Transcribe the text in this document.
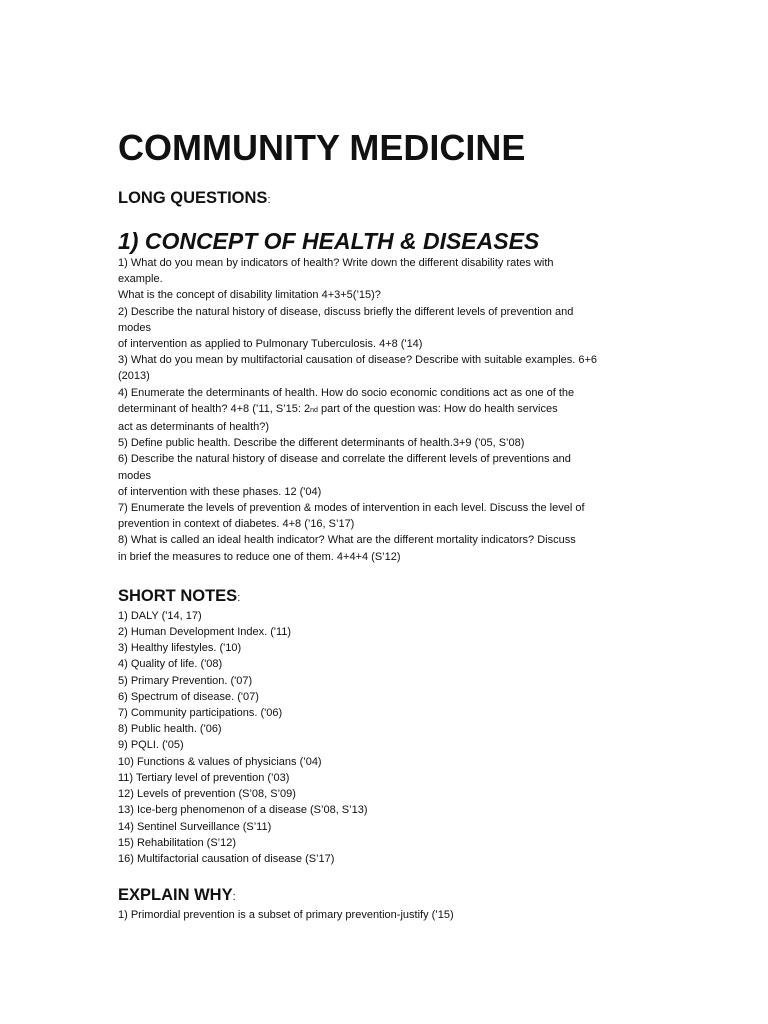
COMMUNITY MEDICINE
LONG QUESTIONS:
1) CONCEPT OF HEALTH & DISEASES
1) What do you mean by indicators of health? Write down the different disability rates with
example.
What is the concept of disability limitation 4+3+5(’15)?
2) Describe the natural history of disease, discuss briefly the different levels of prevention and
modes
of intervention as applied to Pulmonary Tuberculosis. 4+8 ('14)
3) What do you mean by multifactorial causation of disease? Describe with suitable examples. 6+6
(2013)
4) Enumerate the determinants of health. How do socio economic conditions act as one of the
determinant of health? 4+8 (’11, S’15: 2nd part of the question was: How do health services
act as determinants of health?)
5) Define public health. Describe the different determinants of health.3+9 ('05, S’08)
6) Describe the natural history of disease and correlate the different levels of preventions and
modes
of intervention with these phases. 12 ('04)
7) Enumerate the levels of prevention & modes of intervention in each level. Discuss the level of
prevention in context of diabetes. 4+8 (’16, S’17)
8) What is called an ideal health indicator? What are the different mortality indicators? Discuss
in brief the measures to reduce one of them. 4+4+4 (S’12)
SHORT NOTES:
1) DALY ('14, 17)
2) Human Development Index. ('11)
3) Healthy lifestyles. ('10)
4) Quality of life. ('08)
5) Primary Prevention. ('07)
6) Spectrum of disease. ('07)
7) Community participations. ('06)
8) Public health. ('06)
9) PQLI. ('05)
10) Functions & values of physicians (’04)
11) Tertiary level of prevention (’03)
12) Levels of prevention (S’08, S’09)
13) Ice-berg phenomenon of a disease (S’08, S’13)
14) Sentinel Surveillance (S’11)
15) Rehabilitation (S’12)
16) Multifactorial causation of disease (S’17)
EXPLAIN WHY:
1) Primordial prevention is a subset of primary prevention-justify (’15)
